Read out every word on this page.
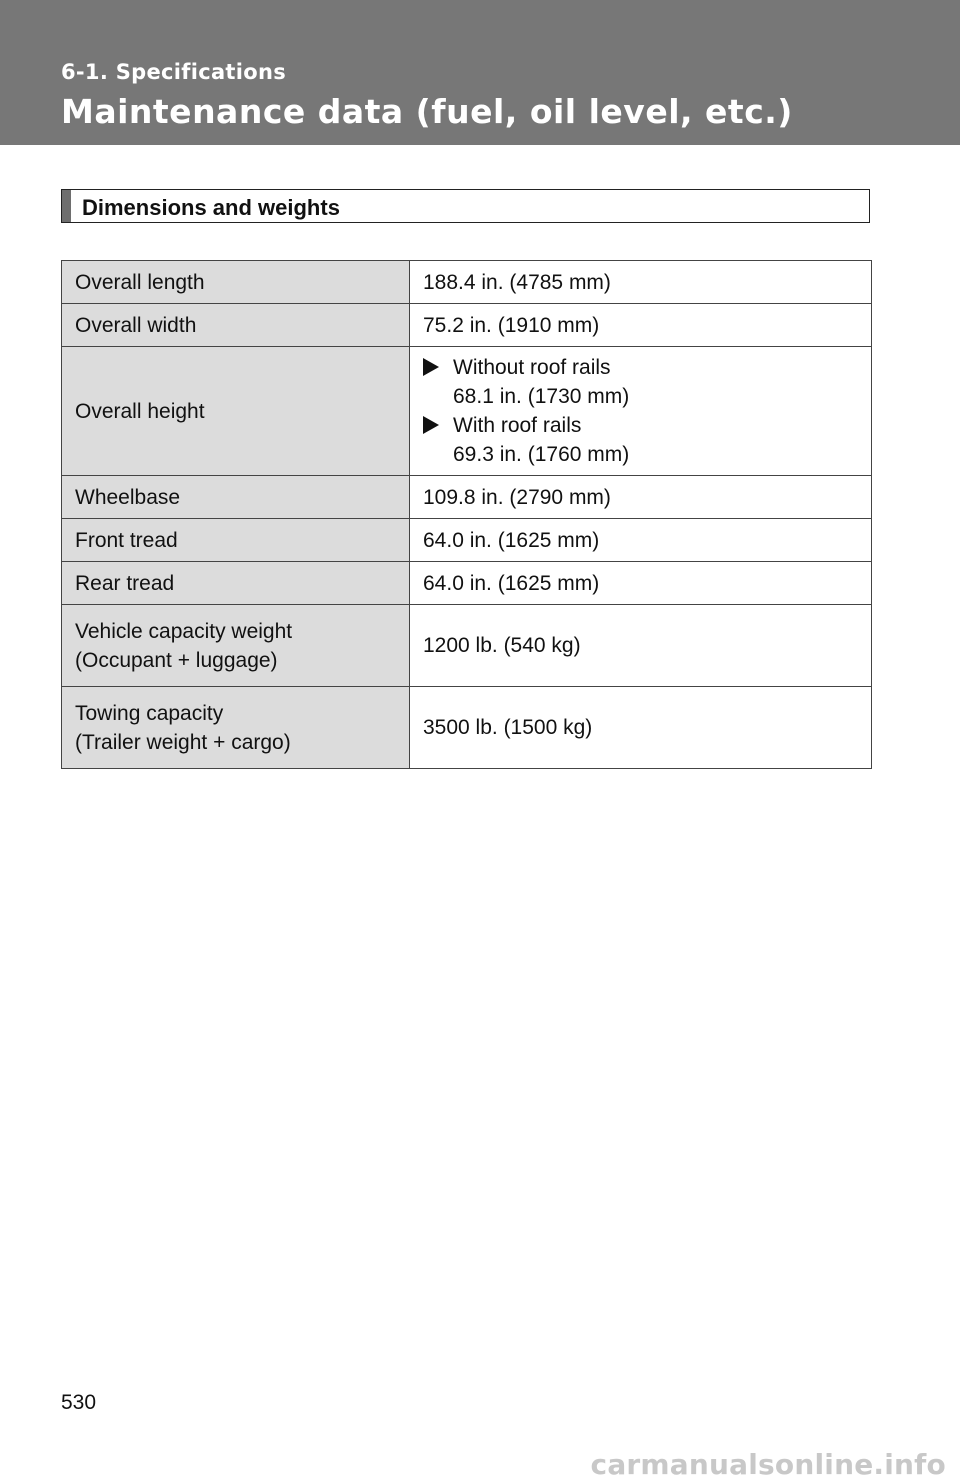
6-1. Specifications
Maintenance data (fuel, oil level, etc.)
Dimensions and weights
Overall length	188.4 in. (4785 mm)
Overall width	75.2 in. (1910 mm)
Overall height	Without roof rails
68.1 in. (1730 mm)
With roof rails
69.3 in. (1760 mm)

Wheelbase	109.8 in. (2790 mm)
Front tread	64.0 in. (1625 mm)
Rear tread	64.0 in. (1625 mm)

Vehicle capacity weight
(Occupant + luggage)	1200 lb. (540 kg)

Towing capacity
(Trailer weight + cargo)	3500 lb. (1500 kg)
530
carmanualsonline.info
